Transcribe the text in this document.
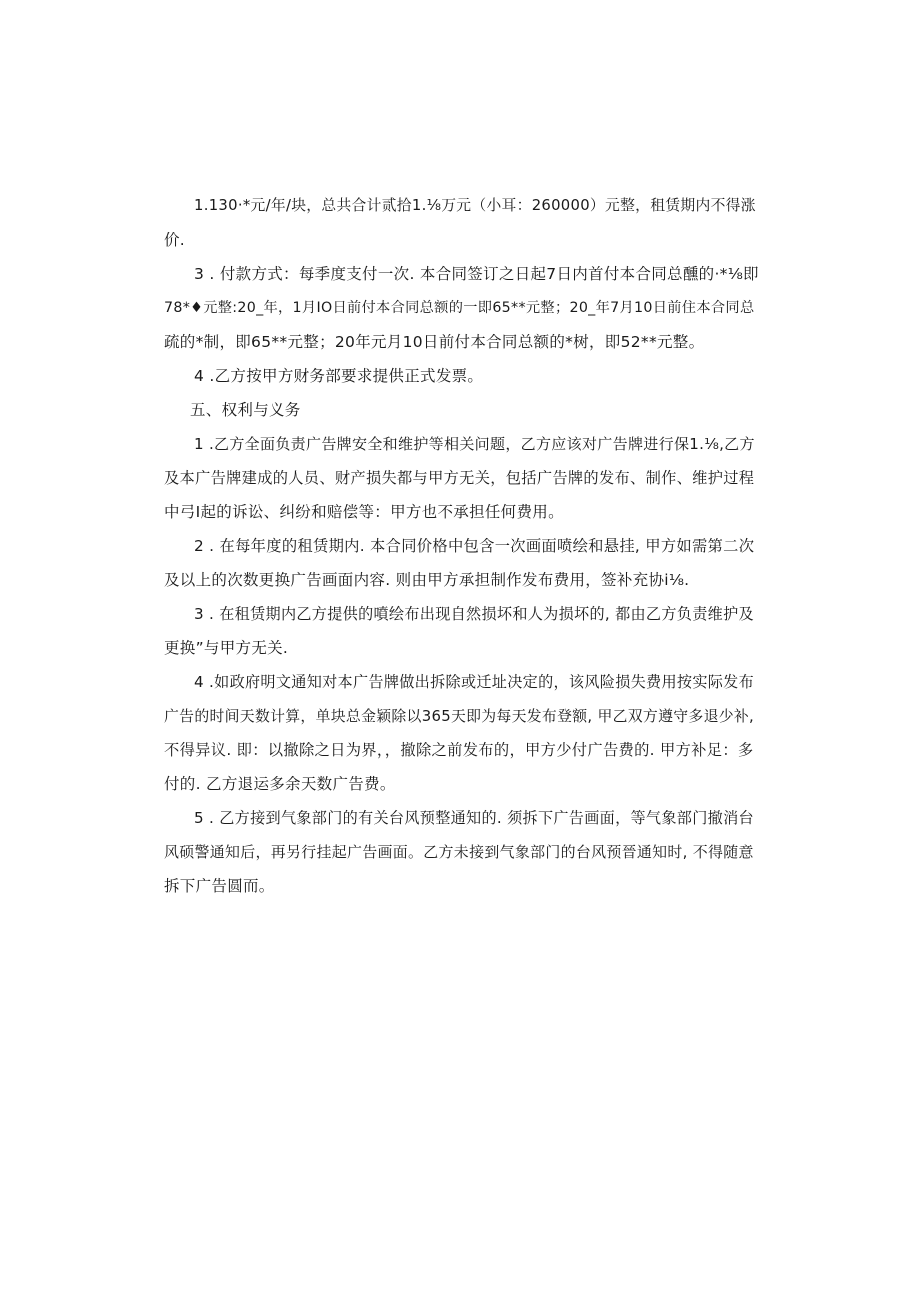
1.130·*元/年/块，总共合计贰拾1.⅛万元（小耳：260000）元整，租赁期内不得涨
价.

3 . 付款方式：每季度支付一次. 本合同签订之日起7日内首付本合同总醺的·*⅛即
78*♦元整:20_年，1月IO日前付本合同总额的一即65**元整；20_年7月10日前住本合同总
疏的*制，即65**元整；20年元月10日前付本合同总额的*树，即52**元整。

4 .乙方按甲方财务部要求提供正式发票。

五、权利与义务

1 .乙方全面负责广告牌安全和维护等相关问题，乙方应该对广告牌进行保1.⅛,乙方
及本广告牌建成的人员、财产损失都与甲方无关，包括广告牌的发布、制作、维护过程
中弓I起的诉讼、纠纷和赔偿等：甲方也不承担任何费用。

2 . 在每年度的租赁期内. 本合同价格中包含一次画面喷绘和悬挂, 甲方如需第二次
及以上的次数更换广告画面内容. 则由甲方承担制作发布费用，签补充协i⅛.

3 . 在租赁期内乙方提供的噴绘布出现自然损坏和人为损坏的, 都由乙方负责维护及
更换”与甲方无关.

4 .如政府明文通知对本广告牌做出拆除或迁址决定的，该风险损失费用按实际发布
广告的时间天数计算，单块总金颖除以365天即为每天发布登额, 甲乙双方遵守多退少补,
不得异议. 即：以撤除之日为界，，撤除之前发布的，甲方少付广告费的. 甲方补足：多
付的. 乙方退运多余天数广告费。

5 . 乙方接到气象部门的有关台风预整通知的. 须拆下广告画面，等气象部门撤消台
风硕警通知后，再另行挂起广告画面。乙方未接到气象部门的台风预晉通知时, 不得随意
拆下广告圆而。
